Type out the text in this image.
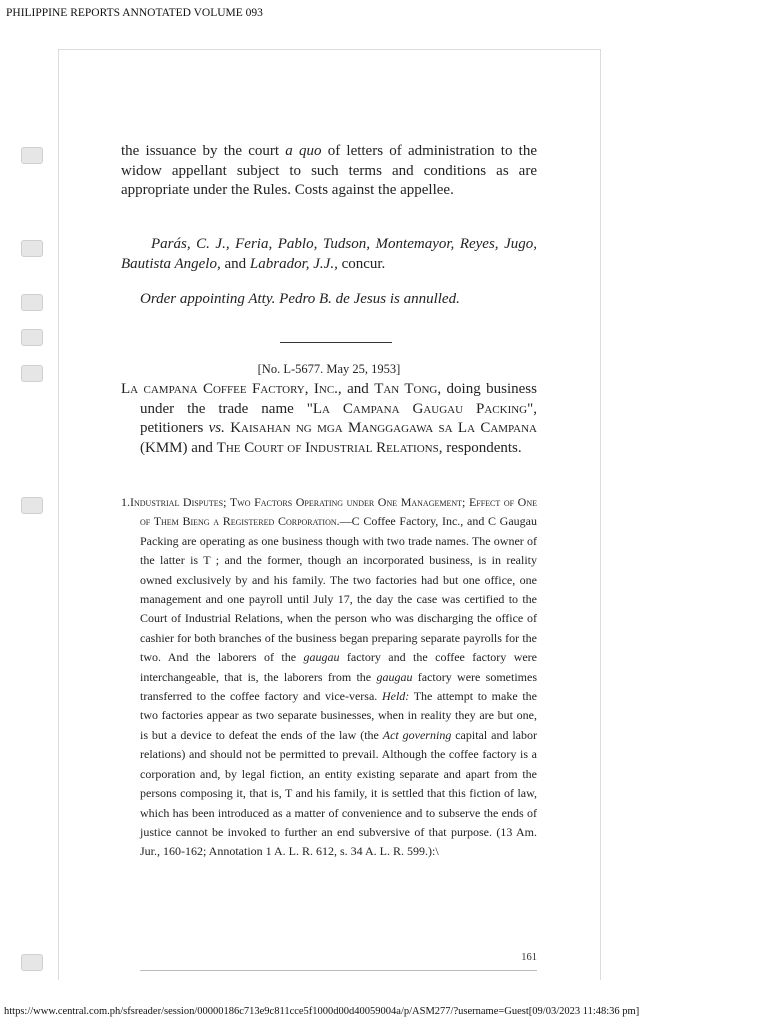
PHILIPPINE REPORTS ANNOTATED VOLUME 093
the issuance by the court a quo of letters of administration to the widow appellant subject to such terms and conditions as are appropriate under the Rules. Costs against the appellee.
Parás, C. J., Feria, Pablo, Tudson, Montemayor, Reyes, Jugo, Bautista Angelo, and Labrador, J.J., concur.
Order appointing Atty. Pedro B. de Jesus is annulled.
[No. L-5677. May 25, 1953]
La campana Coffee Factory, Inc., and Tan Tong, doing business under the trade name "La Campana Gaugau Packing", petitioners vs. Kaisahan ng mga Manggagawa sa La Campana (KMM) and The Court of Industrial Relations, respondents.
1.Industrial Disputes; Two Factors Operating under One Management; Effect of One of Them Bieng a Registered Corporation.—C Coffee Factory, Inc., and C Gaugau Packing are operating as one business though with two trade names. The owner of the latter is T ; and the former, though an incorporated business, is in reality owned exclusively by and his family. The two factories had but one office, one management and one payroll until July 17, the day the case was certified to the Court of Industrial Relations, when the person who was discharging the office of cashier for both branches of the business began preparing separate payrolls for the two. And the laborers of the gaugau factory and the coffee factory were interchangeable, that is, the laborers from the gaugau factory were sometimes transferred to the coffee factory and vice-versa. Held: The attempt to make the two factories appear as two separate businesses, when in reality they are but one, is but a device to defeat the ends of the law (the Act governing capital and labor relations) and should not be permitted to prevail. Although the coffee factory is a corporation and, by legal fiction, an entity existing separate and apart from the persons composing it, that is, T and his family, it is settled that this fiction of law, which has been introduced as a matter of convenience and to subserve the ends of justice cannot be invoked to further an end subversive of that purpose. (13 Am. Jur., 160-162; Annotation 1 A. L. R. 612, s. 34 A. L. R. 599.):\
161
https://www.central.com.ph/sfsreader/session/00000186c713e9c811cce5f1000d00d40059004a/p/ASM277/?username=Guest[09/03/2023 11:48:36 pm]
